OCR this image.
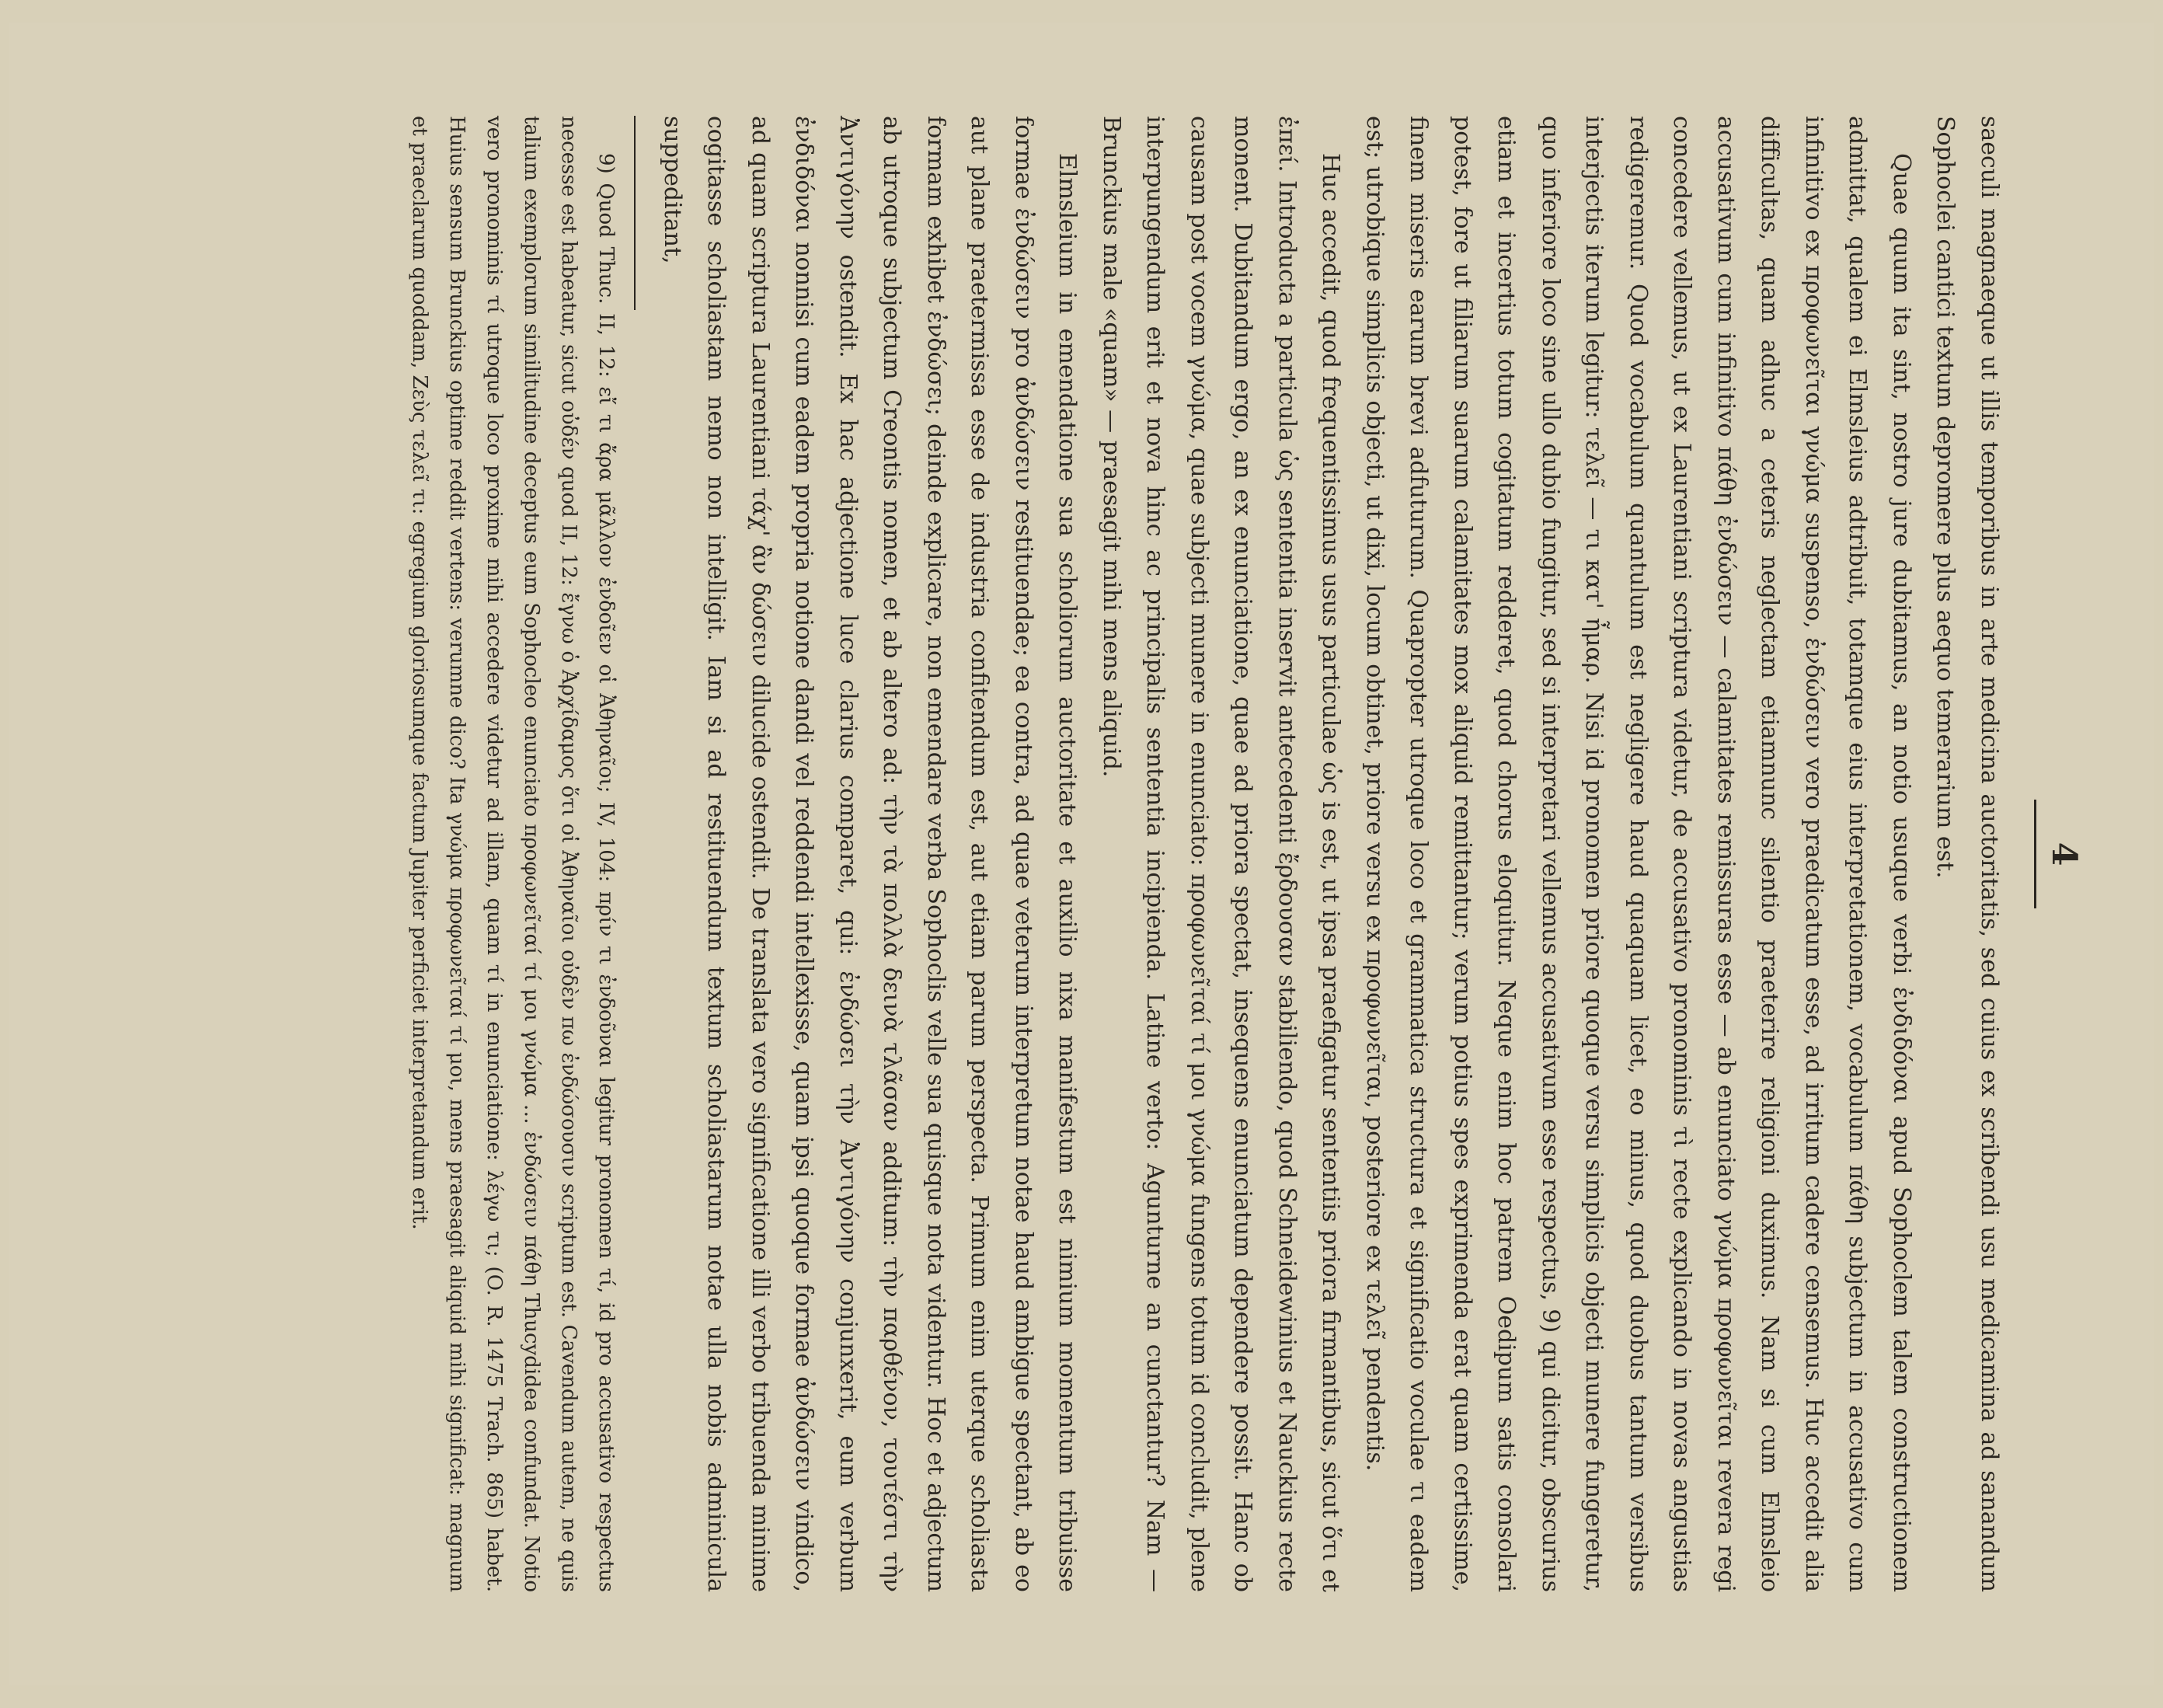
4

saeculi magnaeque ut illis temporibus in arte medicina auctoritatis, sed cuius ex scribendi usu medicamina ad sanandum Sophoclei cantici textum depromere plus aequo temerarium est.

Quae quum ita sint, nostro jure dubitamus, an notio usuque verbi ἐνδιδόναι apud Sophoclem talem constructionem admittat, qualem ei Elmsleius adtribuit, totamque eius interpretationem, vocabulum πάθη subjectum in accusativo cum infinitivo ex προφωνεῖται γνώμα suspenso, ἐνδώσειν vero praedicatum esse, ad irritum cadere censemus. Huc accedit alia difficultas, quam adhuc a ceteris neglectam etiamnunc silentio praeterire religioni duximus. Nam si cum Elmsleio accusativum cum infinitivo πάθη ἐνδώσειν — calamitates remissuras esse — ab enunciato γνώμα προφωνεῖται revera regi concedere vellemus, ut ex Laurentiani scriptura videtur, de accusativo pronominis τὶ recte explicando in novas angustias redigeremur. Quod vocabulum quantulum est negligere haud quaquam licet, eo minus, quod duobus tantum versibus interjectis iterum legitur: τελεῖ — τι κατ' ἦμαρ. Nisi id pronomen priore quoque versu simplicis objecti munere fungeretur, quo inferiore loco sine ullo dubio fungitur, sed si interpretari vellemus accusativum esse respectus, 9) qui dicitur, obscurius etiam et incertius totum cogitatum redderet, quod chorus eloquitur. Neque enim hoc patrem Oedipum satis consolari potest, fore ut filiarum suarum calamitates mox aliquid remittantur; verum potius spes exprimenda erat quam certissime, finem miseris earum brevi adfuturum. Quapropter utroque loco et grammatica structura et significatio voculae τι eadem est; utrobique simplicis objecti, ut dixi, locum obtinet, priore versu ex προφωνεῖται, posteriore ex τελεῖ pendentis.

Huc accedit, quod frequentissimus usus particulae ὡς is est, ut ipsa praefigatur sententiis priora firmantibus, sicut ὅτι et ἐπεί. Introducta a particula ὡς sententia inservit antecedenti ἔρδουσαν stabiliendo, quod Schneidewinius et Nauckius recte monent. Dubitandum ergo, an ex enunciatione, quae ad priora spectat, insequens enunciatum dependere possit. Hanc ob causam post vocem γνώμα, quae subjecti munere in enunciato: προφωνεῖταί τί μοι γνώμα fungens totum id concludit, plene interpungendum erit et nova hinc ac principalis sententia incipienda. Latine verto: Agunturne an cunctantur? Nam — Brunckius male «quam» — praesagit mihi mens aliquid.

Elmsleium in emendatione sua scholiorum auctoritate et auxilio nixa manifestum est nimium momentum tribuisse formae ἐνδώσειν pro ἀνδώσειν restituendae; ea contra, ad quae veterum interpretum notae haud ambigue spectant, ab eo aut plane praetermissa esse de industria confitendum est, aut etiam parum perspecta. Primum enim uterque scholiasta formam exhibet ἐνδώσει; deinde explicare, non emendare verba Sophoclis velle sua quisque nota videntur. Hoc et adjectum ab utroque subjectum Creontis nomen, et ab altero ad: τὴν τὰ πολλὰ δεινὰ τλᾶσαν additum: τὴν παρθένον, τουτέστι τὴν Ἀντιγόνην ostendit. Ex hac adjectione luce clarius comparet, qui: ἐνδώσει τὴν Ἀντιγόνην conjunxerit, eum verbum ἐνδιδόναι nonnisi cum eadem propria notione dandi vel reddendi intellexisse, quam ipsi quoque formae ἀνδώσειν vindico, ad quam scriptura Laurentiani τάχ' ἂν δώσειν dilucide ostendit. De translata vero significatione illi verbo tribuenda minime cogitasse scholiastam nemo non intelligit. Iam si ad restituendum textum scholiastarum notae ulla nobis adminicula suppeditant,

9) Quod Thuc. II, 12: εἴ τι ἄρα μᾶλλον ἐνδοῖεν οἱ Ἀθηναῖοι; IV, 104: πρίν τι ἐνδοῦναι legitur pronomen τί, id pro accusativo respectus necesse est habeatur, sicut οὐδέν quod II, 12: ἔγνω ὁ Ἀρχίδαμος ὅτι οἱ Ἀθηναῖοι οὐδὲν πω ἐνδώσουσιν scriptum est. Cavendum autem, ne quis talium exemplorum similitudine deceptus eum Sophocleo enunciato προφωνεῖταί τί μοι γνώμα … ἐνδώσειν πάθη Thucydidea confundat. Notio vero pronominis τί utroque loco proxime mihi accedere videtur ad illam, quam τί in enunciatione: λέγω τι; (O. R. 1475 Trach. 865) habet. Huius sensum Brunckius optime reddit vertens: verumne dico? Ita γνώμα προφωνεῖταί τί μοι, mens praesagit aliquid mihi significat: magnum et praeclarum quoddam, Ζεὺς τελεῖ τι: egregium gloriosumque factum Jupiter perficiet interpretandum erit.
